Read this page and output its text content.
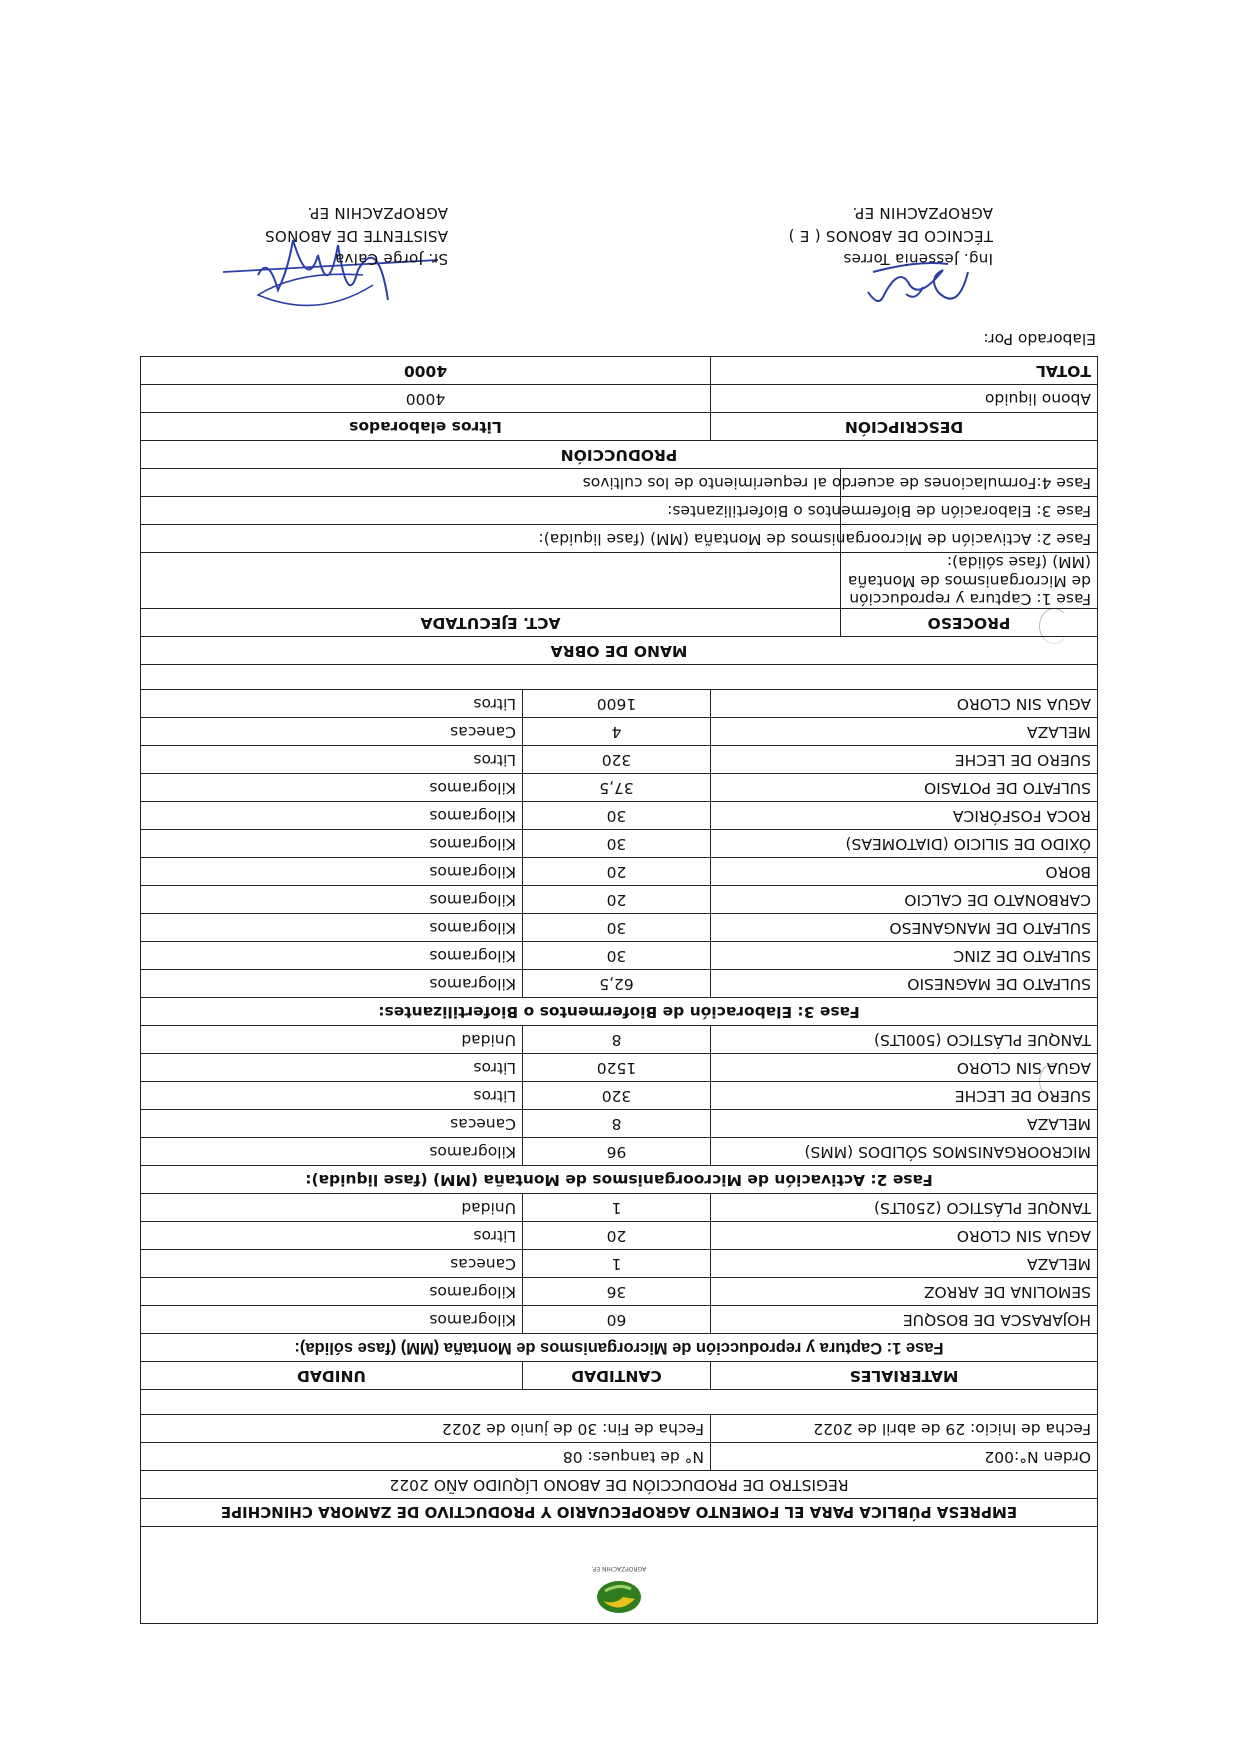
AGROPZACHIN EP.		

EMPRESA PÚBLICA PARA EL FOMENTO AGROPECUARIO Y PRODUCTIVO DE ZAMORA CHINCHIPE		
REGISTRO DE PRODUCCIÓN DE ABONO LÍQUIDO AÑO 2022		
Orden N°:002	N° de tanques: 08	
Fecha de Inicio: 29 de abril de 2022	Fecha de Fin: 30 de junio de 2022	

MATERIALES	CANTIDAD	UNIDAD
Fase 1: Captura y reproducción de Microrganismos de Montaña (MM) (fase sólida):		
HOJARASCA DE BOSQUE	60	Kilogramos
SEMOLINA DE ARROZ	36	Kilogramos
MELAZA	1	Canecas
AGUA SIN CLORO	20	Litros
TANQUE PLÁSTICO (250LTS)	1	Unidad
Fase 2: Activación de Microorganismos de Montaña (MM) (fase liquida):		
MICROORGANISMOS SÓLIDOS (MMS)	96	Kilogramos
MELAZA	8	Canecas
SUERO DE LECHE	320	Litros
AGUA SIN CLORO	1520	Litros
TANQUE PLÁSTICO (500LTS)	8	Unidad
Fase 3: Elaboración de Biofermentos o Biofertilizantes:		
SULFATO DE MAGNESIO	62,5	Kilogramos
SULFATO DE ZINC	30	Kilogramos
SULFATO DE MANGANESO	30	Kilogramos
CARBONATO DE CALCIO	20	Kilogramos
BORO	20	Kilogramos
ÓXIDO DE SILICIO (DIATOMEAS)	30	Kilogramos
ROCA FOSFÓRICA	30	Kilogramos
SULFATO DE POTASIO	37,5	Kilogramos
SUERO DE LECHE	320	Litros
MELAZA	4	Canecas
AGUA SIN CLORO	1600	Litros

MANO DE OBRA	
PROCESO	ACT. EJECUTADA
Fase 1: Captura y reproducción de Microrganismos de Montaña (MM) (fase sólida):	
Fase 2: Activación de Microorganismos de Montaña (MM) (fase liquida):	
Fase 3: Elaboración de Biofermentos o Biofertilizantes:	
Fase 4:Formulaciones de acuerdo al requerimiento de los cultivos	
PRODUCCIÓN	
DESCRIPCIÓN	Litros elaborados
Abono liquido	4000
TOTAL	4000
Elaborado Por:
Ing. Jessenia Torres
TÉCNICO DE ABONOS ( E )
AGROPZACHIN EP.
Sr. Jorge Calva
ASISTENTE DE ABONOS
AGROPZACHIN EP.
